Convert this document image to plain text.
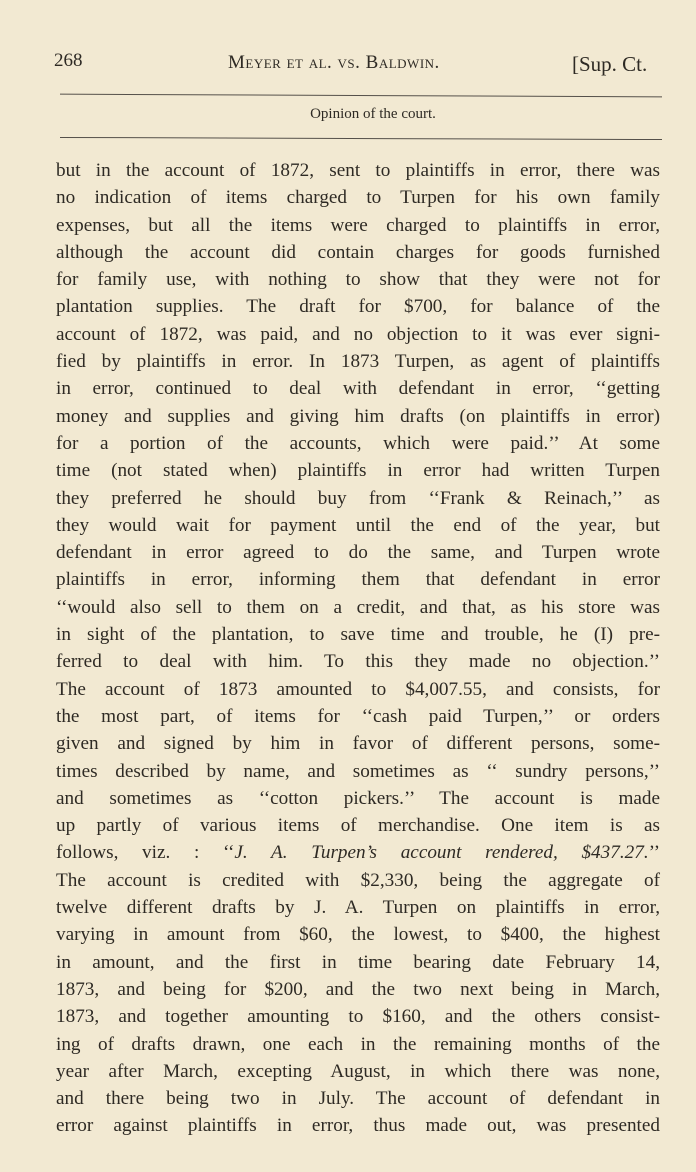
268	Meyer et al. vs. Baldwin.	[Sup. Ct.
Opinion of the court.
but in the account of 1872, sent to plaintiffs in error, there was
no indication of items charged to Turpen for his own family
expenses, but all the items were charged to plaintiffs in error,
although the account did contain charges for goods furnished
for family use, with nothing to show that they were not for
plantation supplies. The draft for $700, for balance of the
account of 1872, was paid, and no objection to it was ever signi-
fied by plaintiffs in error. In 1873 Turpen, as agent of plaintiffs
in error, continued to deal with defendant in error, ‘‘getting
money and supplies and giving him drafts (on plaintiffs in error)
for a portion of the accounts, which were paid.’’ At some
time (not stated when) plaintiffs in error had written Turpen
they preferred he should buy from ‘‘Frank & Reinach,’’ as
they would wait for payment until the end of the year, but
defendant in error agreed to do the same, and Turpen wrote
plaintiffs in error, informing them that defendant in error
‘‘would also sell to them on a credit, and that, as his store was
in sight of the plantation, to save time and trouble, he (I) pre-
ferred to deal with him. To this they made no objection.’’
The account of 1873 amounted to $4,007.55, and consists, for
the most part, of items for ‘‘cash paid Turpen,’’ or orders
given and signed by him in favor of different persons, some-
times described by name, and sometimes as ‘‘ sundry persons,’’
and sometimes as ‘‘cotton pickers.’’ The account is made
up partly of various items of merchandise. One item is as
follows, viz. : ‘‘J. A. Turpen’s account rendered, $437.27.’’
The account is credited with $2,330, being the aggregate of
twelve different drafts by J. A. Turpen on plaintiffs in error,
varying in amount from $60, the lowest, to $400, the highest
in amount, and the first in time bearing date February 14,
1873, and being for $200, and the two next being in March,
1873, and together amounting to $160, and the others consist-
ing of drafts drawn, one each in the remaining months of the
year after March, excepting August, in which there was none,
and there being two in July. The account of defendant in
error against plaintiffs in error, thus made out, was presented
